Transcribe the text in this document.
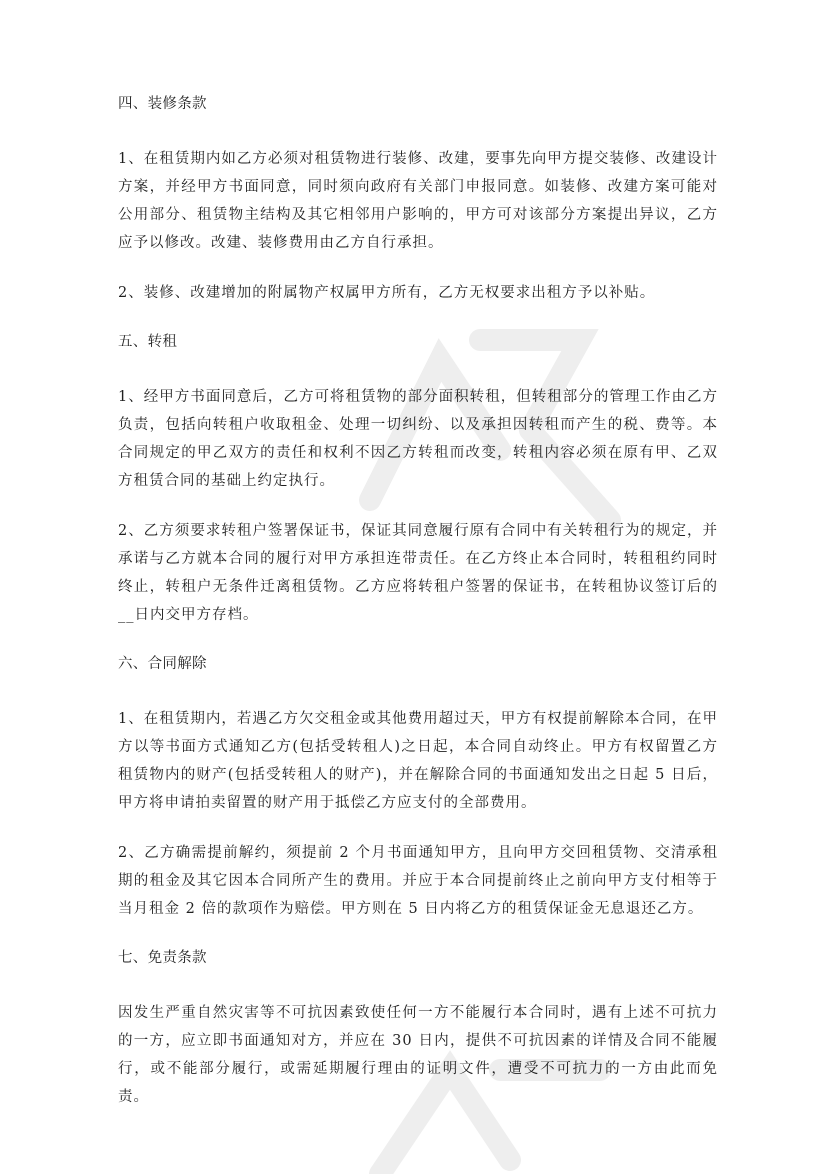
四、装修条款

1、在租赁期内如乙方必须对租赁物进行装修、改建，要事先向甲方提交装修、改建设计方案，并经甲方书面同意，同时须向政府有关部门申报同意。如装修、改建方案可能对公用部分、租赁物主结构及其它相邻用户影响的，甲方可对该部分方案提出异议，乙方应予以修改。改建、装修费用由乙方自行承担。

2、装修、改建增加的附属物产权属甲方所有，乙方无权要求出租方予以补贴。

五、转租

1、经甲方书面同意后，乙方可将租赁物的部分面积转租，但转租部分的管理工作由乙方负责，包括向转租户收取租金、处理一切纠纷、以及承担因转租而产生的税、费等。本合同规定的甲乙双方的责任和权利不因乙方转租而改变，转租内容必须在原有甲、乙双方租赁合同的基础上约定执行。

2、乙方须要求转租户签署保证书，保证其同意履行原有合同中有关转租行为的规定，并承诺与乙方就本合同的履行对甲方承担连带责任。在乙方终止本合同时，转租租约同时终止，转租户无条件迁离租赁物。乙方应将转租户签署的保证书，在转租协议签订后的__日内交甲方存档。

六、合同解除

1、在租赁期内，若遇乙方欠交租金或其他费用超过天，甲方有权提前解除本合同，在甲方以等书面方式通知乙方(包括受转租人)之日起，本合同自动终止。甲方有权留置乙方租赁物内的财产(包括受转租人的财产)，并在解除合同的书面通知发出之日起 5 日后，甲方将申请拍卖留置的财产用于抵偿乙方应支付的全部费用。

2、乙方确需提前解约，须提前 2 个月书面通知甲方，且向甲方交回租赁物、交清承租期的租金及其它因本合同所产生的费用。并应于本合同提前终止之前向甲方支付相等于当月租金 2 倍的款项作为赔偿。甲方则在 5 日内将乙方的租赁保证金无息退还乙方。

七、免责条款

因发生严重自然灾害等不可抗因素致使任何一方不能履行本合同时，遇有上述不可抗力的一方，应立即书面通知对方，并应在 30 日内，提供不可抗因素的详情及合同不能履行，或不能部分履行，或需延期履行理由的证明文件，遭受不可抗力的一方由此而免责。
